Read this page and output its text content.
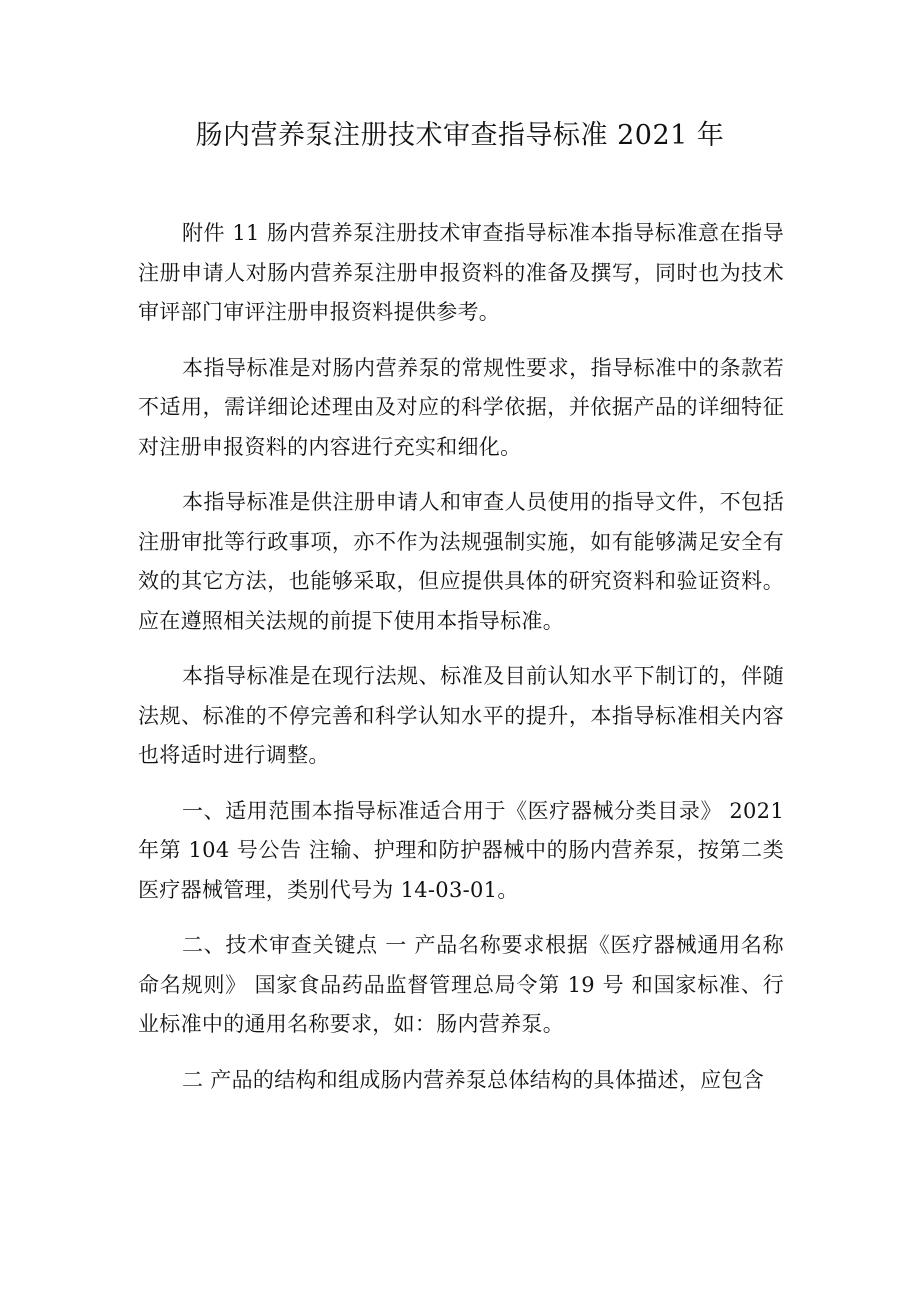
肠内营养泵注册技术审查指导标准 2021 年

附件 11 肠内营养泵注册技术审查指导标准本指导标准意在指导注册申请人对肠内营养泵注册申报资料的准备及撰写，同时也为技术审评部门审评注册申报资料提供参考。

本指导标准是对肠内营养泵的常规性要求，指导标准中的条款若不适用，需详细论述理由及对应的科学依据，并依据产品的详细特征对注册申报资料的内容进行充实和细化。

本指导标准是供注册申请人和审查人员使用的指导文件，不包括注册审批等行政事项，亦不作为法规强制实施，如有能够满足安全有效的其它方法，也能够采取，但应提供具体的研究资料和验证资料。应在遵照相关法规的前提下使用本指导标准。

本指导标准是在现行法规、标准及目前认知水平下制订的，伴随法规、标准的不停完善和科学认知水平的提升，本指导标准相关内容也将适时进行调整。

一、适用范围本指导标准适合用于《医疗器械分类目录》 2021 年第 104 号公告 注输、护理和防护器械中的肠内营养泵，按第二类医疗器械管理，类别代号为 14-03-01。

二、技术审查关键点 一 产品名称要求根据《医疗器械通用名称命名规则》 国家食品药品监督管理总局令第 19 号 和国家标准、行业标准中的通用名称要求，如：肠内营养泵。

二 产品的结构和组成肠内营养泵总体结构的具体描述，应包含
